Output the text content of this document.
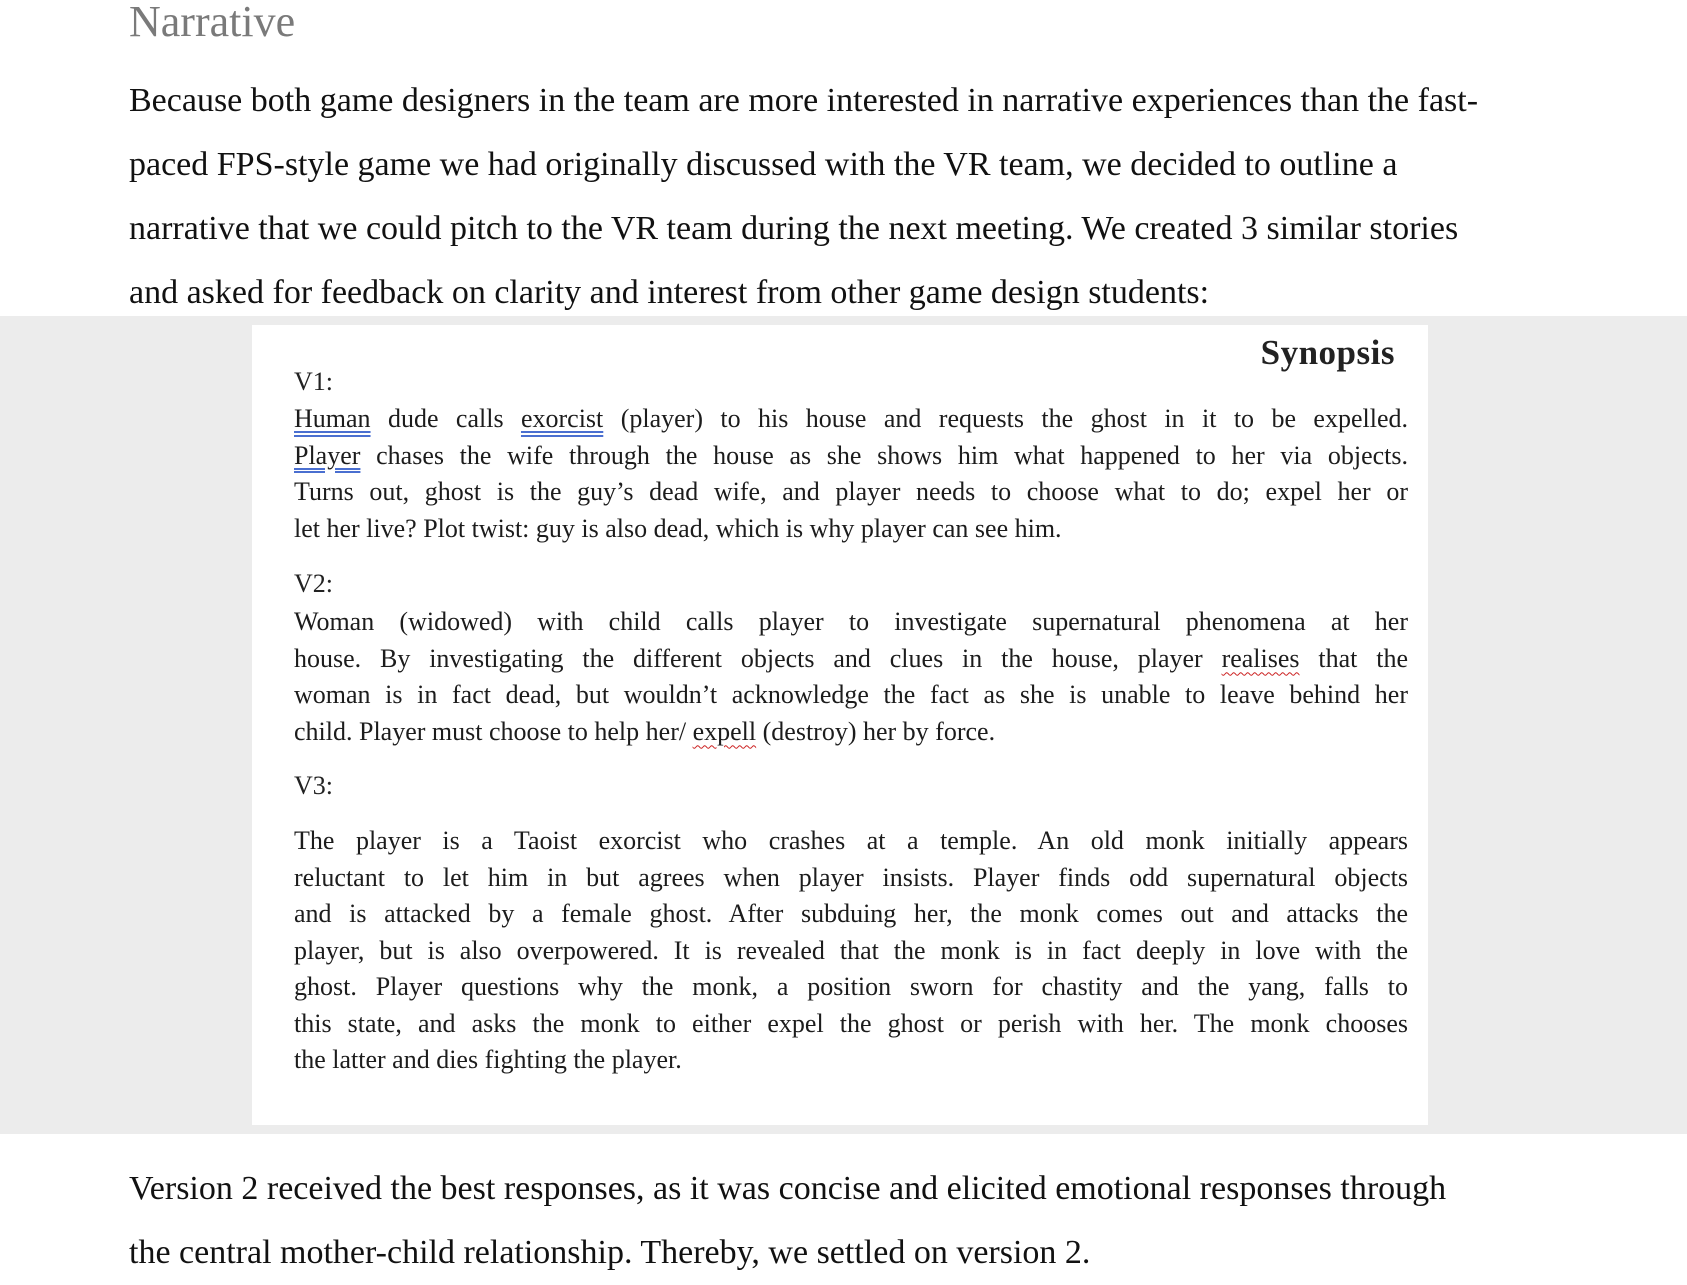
Narrative

Because both game designers in the team are more interested in narrative experiences than the fast-
paced FPS-style game we had originally discussed with the VR team, we decided to outline a
narrative that we could pitch to the VR team during the next meeting. We created 3 similar stories
and asked for feedback on clarity and interest from other game design students:

Synopsis
V1:
Human dude calls exorcist (player) to his house and requests the ghost in it to be expelled.
Player chases the wife through the house as she shows him what happened to her via objects.
Turns out, ghost is the guy’s dead wife, and player needs to choose what to do; expel her or
let her live? Plot twist: guy is also dead, which is why player can see him.
V2:
Woman (widowed) with child calls player to investigate supernatural phenomena at her
house. By investigating the different objects and clues in the house, player realises that the
woman is in fact dead, but wouldn’t acknowledge the fact as she is unable to leave behind her
child. Player must choose to help her/ expell (destroy) her by force.
V3:
The player is a Taoist exorcist who crashes at a temple. An old monk initially appears
reluctant to let him in but agrees when player insists. Player finds odd supernatural objects
and is attacked by a female ghost. After subduing her, the monk comes out and attacks the
player, but is also overpowered. It is revealed that the monk is in fact deeply in love with the
ghost. Player questions why the monk, a position sworn for chastity and the yang, falls to
this state, and asks the monk to either expel the ghost or perish with her. The monk chooses
the latter and dies fighting the player.

Version 2 received the best responses, as it was concise and elicited emotional responses through
the central mother-child relationship. Thereby, we settled on version 2.
